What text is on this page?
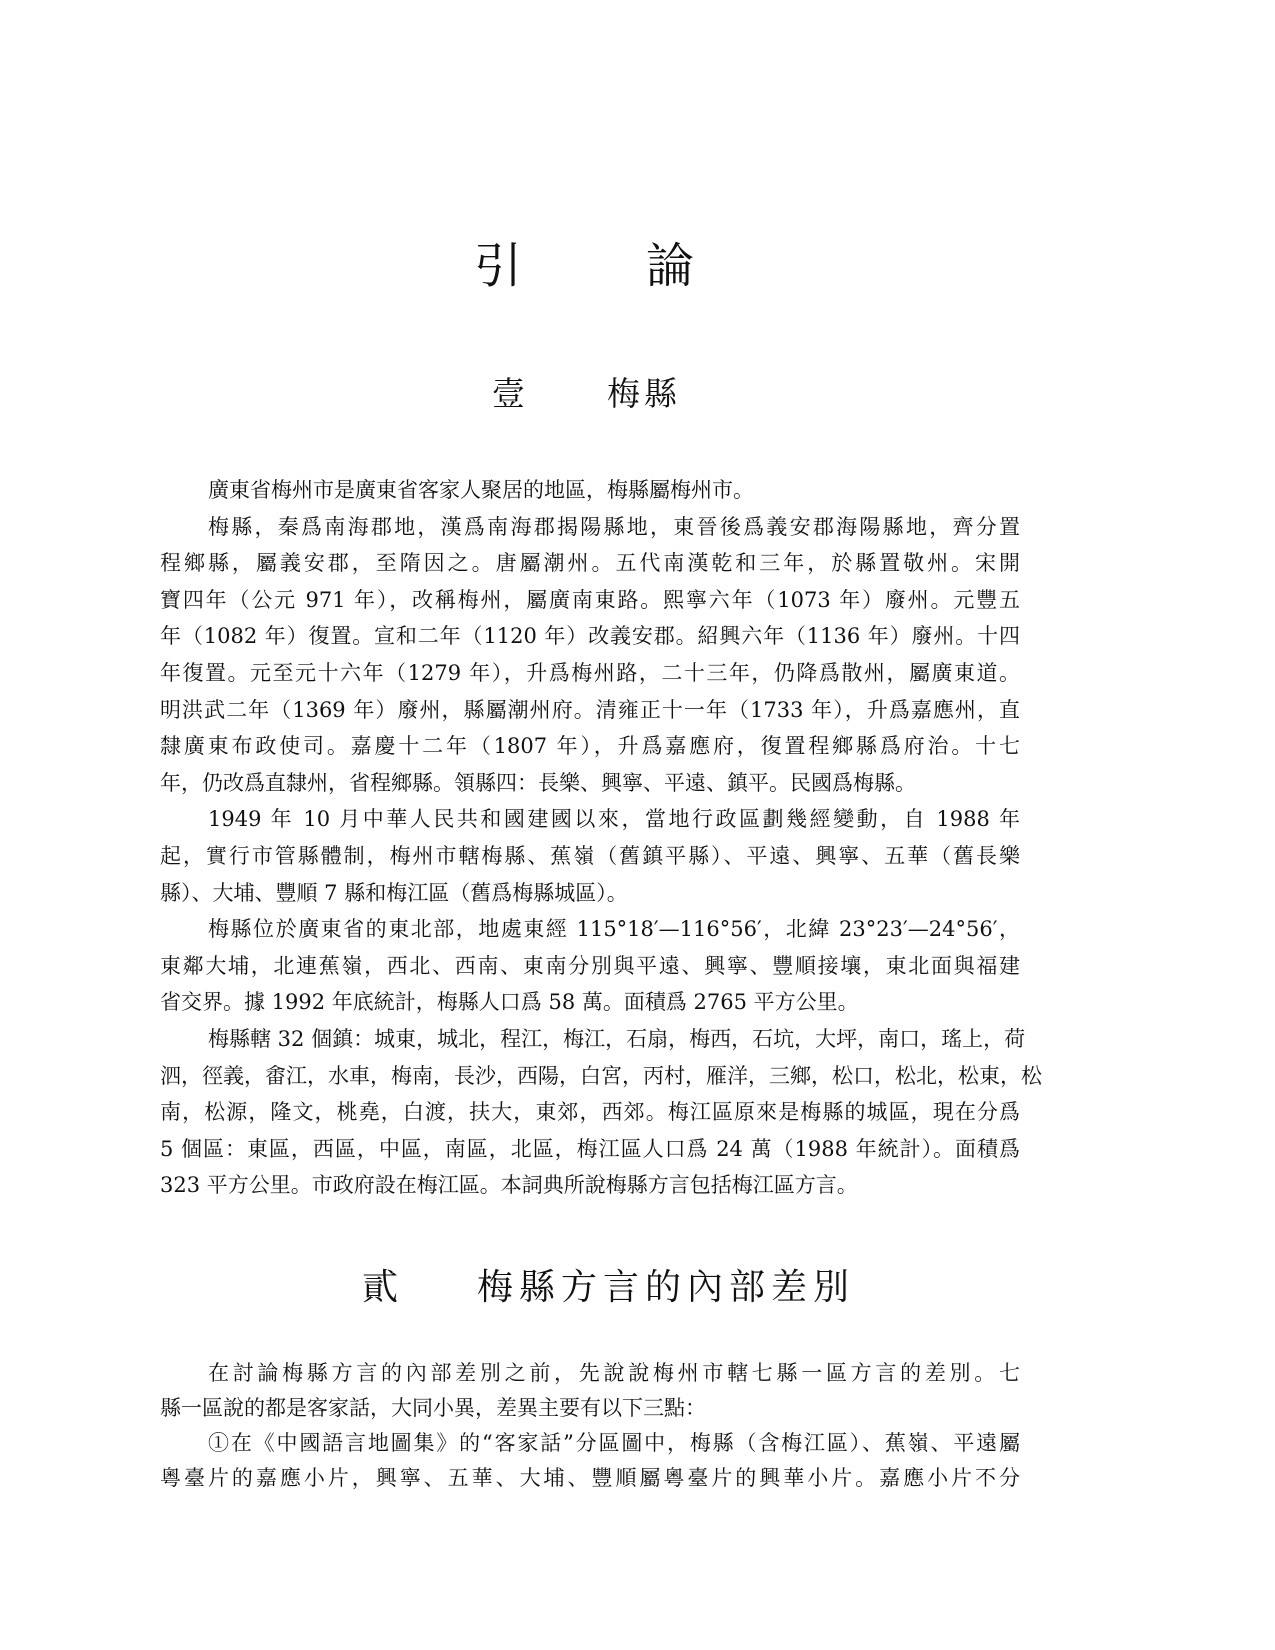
引	論
壹 梅縣
廣東省梅州市是廣東省客家人聚居的地區，梅縣屬梅州市。
梅縣，秦爲南海郡地，漢爲南海郡揭陽縣地，東晉後爲義安郡海陽縣地，齊分置
程鄉縣，屬義安郡，至隋因之。唐屬潮州。五代南漢乾和三年，於縣置敬州。宋開
寶四年（公元 971 年），改稱梅州，屬廣南東路。熙寧六年（1073 年）廢州。元豐五
年（1082 年）復置。宣和二年（1120 年）改義安郡。紹興六年（1136 年）廢州。十四
年復置。元至元十六年（1279 年），升爲梅州路，二十三年，仍降爲散州，屬廣東道。
明洪武二年（1369 年）廢州，縣屬潮州府。清雍正十一年（1733 年），升爲嘉應州，直
隸廣東布政使司。嘉慶十二年（1807 年），升爲嘉應府，復置程鄉縣爲府治。十七
年，仍改爲直隸州，省程鄉縣。領縣四：長樂、興寧、平遠、鎮平。民國爲梅縣。
1949 年 10 月中華人民共和國建國以來，當地行政區劃幾經變動，自 1988 年
起，實行市管縣體制，梅州市轄梅縣、蕉嶺（舊鎮平縣）、平遠、興寧、五華（舊長樂
縣）、大埔、豐順 7 縣和梅江區（舊爲梅縣城區）。
梅縣位於廣東省的東北部，地處東經 115°18′—116°56′，北緯 23°23′—24°56′，
東鄰大埔，北連蕉嶺，西北、西南、東南分別與平遠、興寧、豐順接壤，東北面與福建
省交界。據 1992 年底統計，梅縣人口爲 58 萬。面積爲 2765 平方公里。
梅縣轄 32 個鎮：城東，城北，程江，梅江，石扇，梅西，石坑，大坪，南口，瑤上，荷
泗，徑義，畬江，水車，梅南，長沙，西陽，白宮，丙村，雁洋，三鄉，松口，松北，松東，松
南，松源，隆文，桃堯，白渡，扶大，東郊，西郊。梅江區原來是梅縣的城區，現在分爲
5 個區：東區，西區，中區，南區，北區，梅江區人口爲 24 萬（1988 年統計）。面積爲
323 平方公里。市政府設在梅江區。本詞典所說梅縣方言包括梅江區方言。
貳 梅縣方言的內部差別
在討論梅縣方言的內部差別之前，先說說梅州市轄七縣一區方言的差別。七
縣一區說的都是客家話，大同小異，差異主要有以下三點：
①在《中國語言地圖集》的“客家話”分區圖中，梅縣（含梅江區）、蕉嶺、平遠屬
粵臺片的嘉應小片，興寧、五華、大埔、豐順屬粵臺片的興華小片。嘉應小片不分
